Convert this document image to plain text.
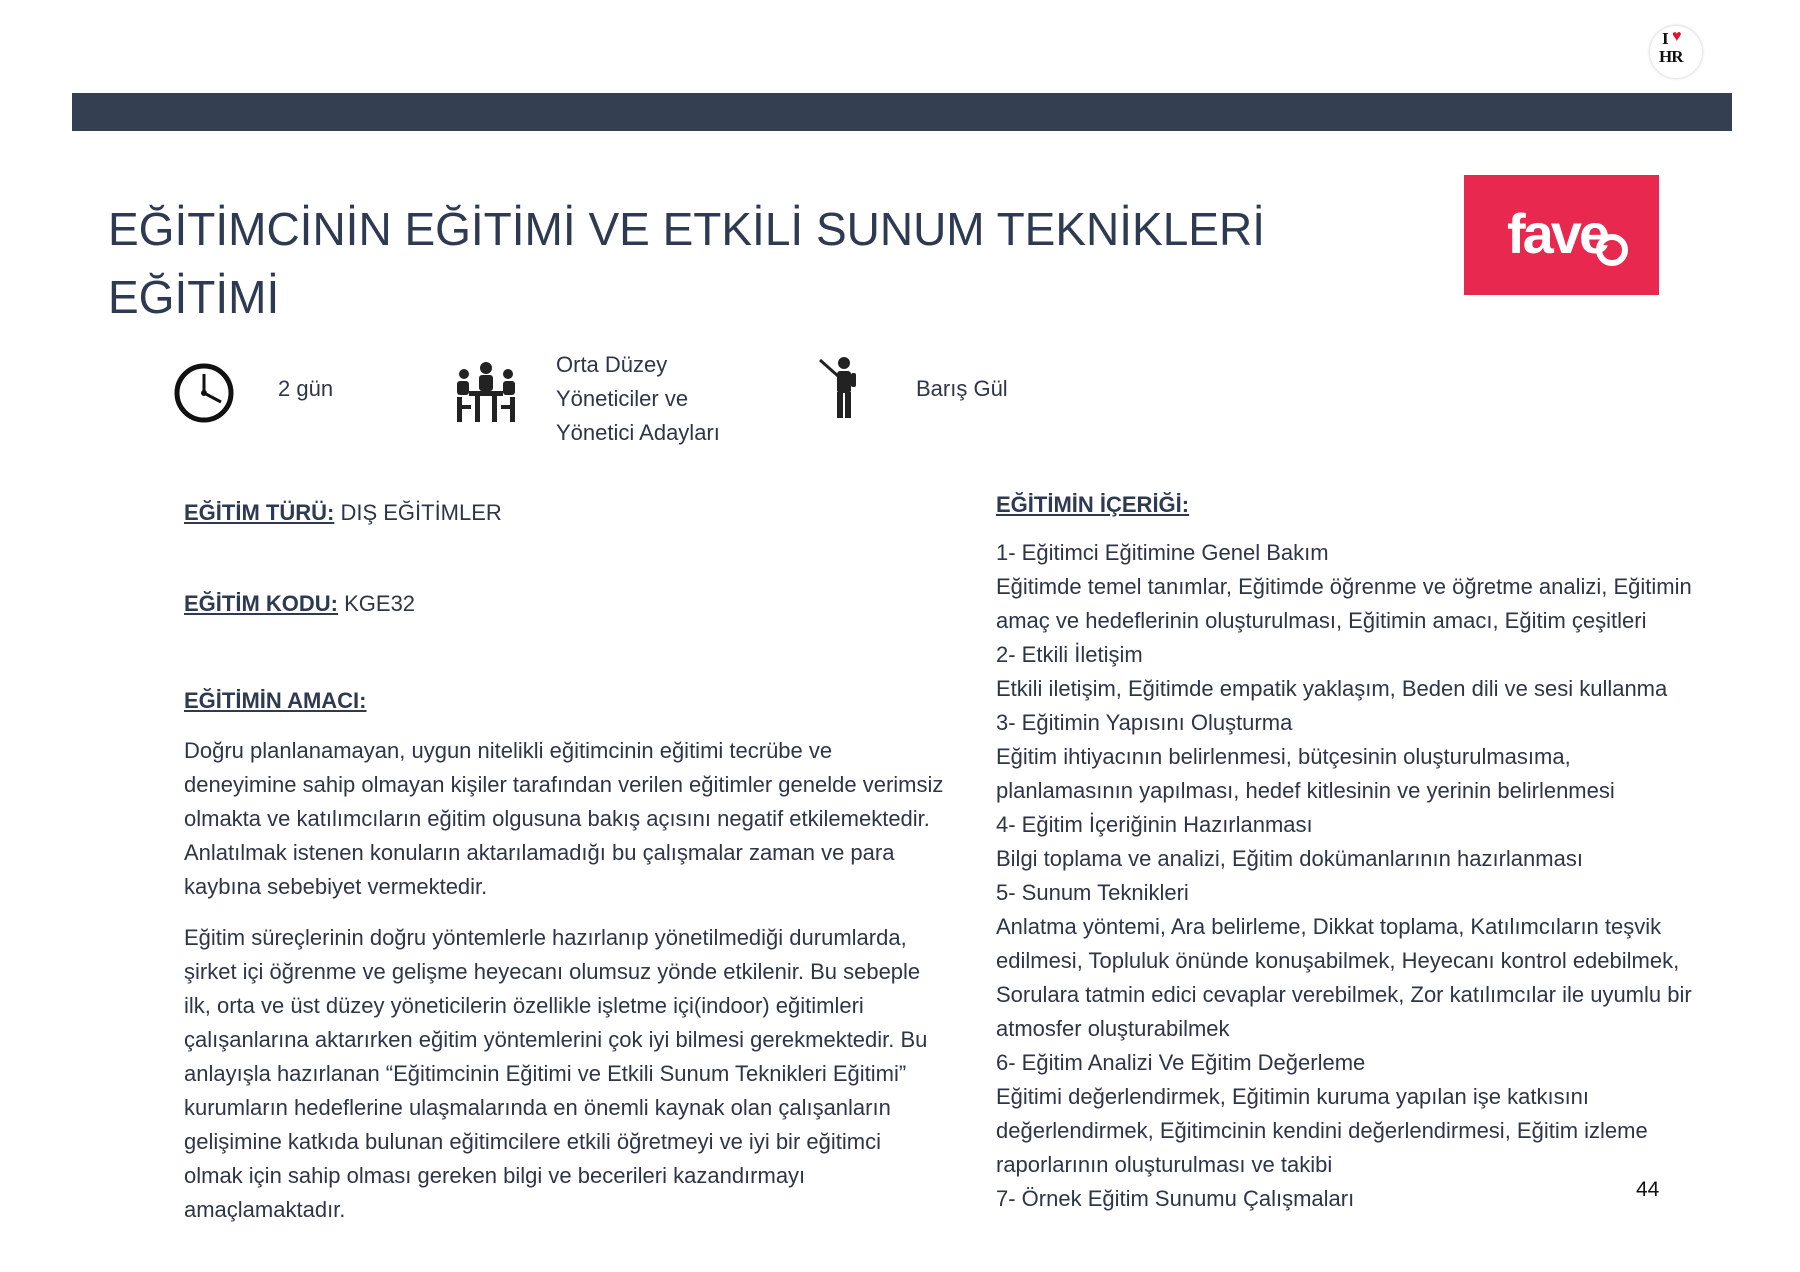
I ♥
HR
EĞİTİMCİNİN EĞİTİMİ VE ETKİLİ SUNUM TEKNİKLERİ EĞİTİMİ
fave
2 gün
Orta Düzey
Yöneticiler ve
Yönetici Adayları
Barış Gül
EĞİTİM TÜRÜ: DIŞ EĞİTİMLER
EĞİTİM KODU: KGE32
EĞİTİMİN AMACI:

Doğru planlanamayan, uygun nitelikli eğitimcinin eğitimi tecrübe ve deneyimine sahip olmayan kişiler tarafından verilen eğitimler genelde verimsiz olmakta ve katılımcıların eğitim olgusuna bakış açısını negatif etkilemektedir. Anlatılmak istenen konuların aktarılamadığı bu çalışmalar zaman ve para kaybına sebebiyet vermektedir.

Eğitim süreçlerinin doğru yöntemlerle hazırlanıp yönetilmediği durumlarda, şirket içi öğrenme ve gelişme heyecanı olumsuz yönde etkilenir. Bu sebeple ilk, orta ve üst düzey yöneticilerin özellikle işletme içi(indoor) eğitimleri çalışanlarına aktarırken eğitim yöntemlerini çok iyi bilmesi gerekmektedir. Bu anlayışla hazırlanan “Eğitimcinin Eğitimi ve Etkili Sunum Teknikleri Eğitimi” kurumların hedeflerine ulaşmalarında en önemli kaynak olan çalışanların gelişimine katkıda bulunan eğitimcilere etkili öğretmeyi ve iyi bir eğitimci olmak için sahip olması gereken bilgi ve becerileri kazandırmayı amaçlamaktadır.

EĞİTİMİN İÇERİĞİ:
1- Eğitimci Eğitimine Genel Bakım
Eğitimde temel tanımlar, Eğitimde öğrenme ve öğretme analizi, Eğitimin
amaç ve hedeflerinin oluşturulması, Eğitimin amacı, Eğitim çeşitleri
2- Etkili İletişim
Etkili iletişim, Eğitimde empatik yaklaşım, Beden dili ve sesi kullanma
3- Eğitimin Yapısını Oluşturma
Eğitim ihtiyacının belirlenmesi, bütçesinin oluşturulmasıma,
planlamasının yapılması, hedef kitlesinin ve yerinin belirlenmesi
4- Eğitim İçeriğinin Hazırlanması
Bilgi toplama ve analizi, Eğitim dokümanlarının hazırlanması
5- Sunum Teknikleri
Anlatma yöntemi, Ara belirleme, Dikkat toplama, Katılımcıların teşvik
edilmesi, Topluluk önünde konuşabilmek, Heyecanı kontrol edebilmek,
Sorulara tatmin edici cevaplar verebilmek, Zor katılımcılar ile uyumlu bir
atmosfer oluşturabilmek
6- Eğitim Analizi Ve Eğitim Değerleme
Eğitimi değerlendirmek, Eğitimin kuruma yapılan işe katkısını
değerlendirmek, Eğitimcinin kendini değerlendirmesi, Eğitim izleme
raporlarının oluşturulması ve takibi
7- Örnek Eğitim Sunumu Çalışmaları	44
